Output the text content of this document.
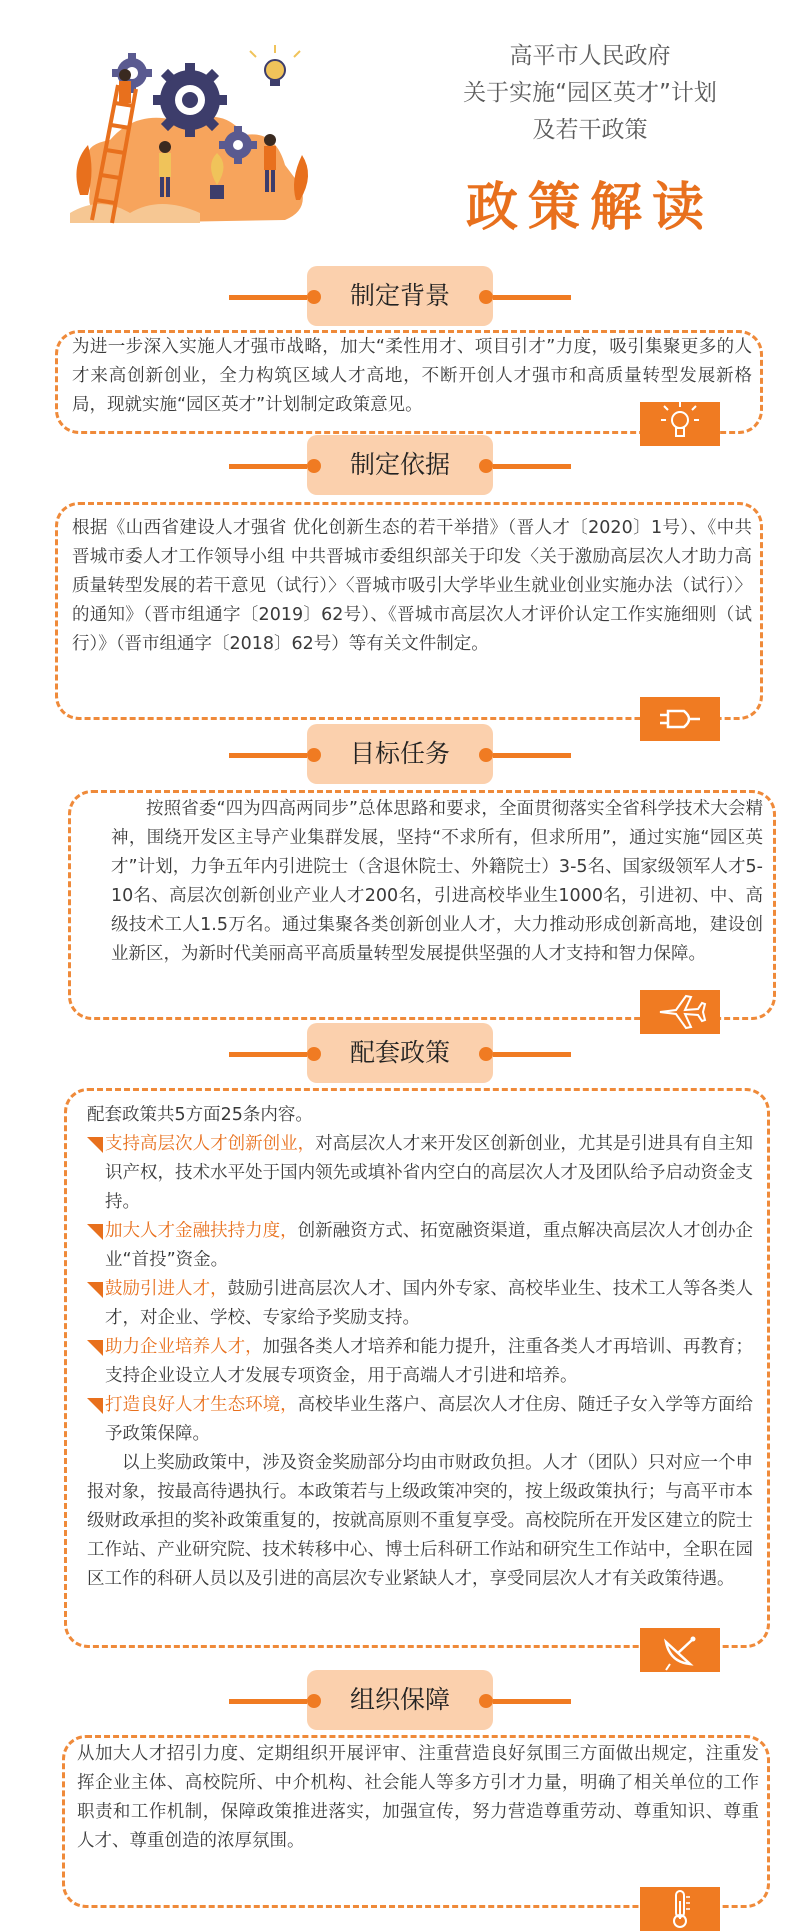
高平市人民政府
关于实施“园区英才”计划
及若干政策
政策解读
制定背景
为进一步深入实施人才强市战略，加大“柔性用才、项目引才”力度，吸引集聚更多的人才来高创新创业，全力构筑区域人才高地，不断开创人才强市和高质量转型发展新格局，现就实施“园区英才”计划制定政策意见。
制定依据
根据《山西省建设人才强省 优化创新生态的若干举措》（晋人才〔2020〕1号）、《中共晋城市委人才工作领导小组 中共晋城市委组织部关于印发〈关于激励高层次人才助力高质量转型发展的若干意见（试行）〉〈晋城市吸引大学毕业生就业创业实施办法（试行）〉的通知》（晋市组通字〔2019〕62号）、《晋城市高层次人才评价认定工作实施细则（试行）》（晋市组通字〔2018〕62号）等有关文件制定。
目标任务
按照省委“四为四高两同步”总体思路和要求，全面贯彻落实全省科学技术大会精神，围绕开发区主导产业集群发展，坚持“不求所有，但求所用”，通过实施“园区英才”计划，力争五年内引进院士（含退休院士、外籍院士）3-5名、国家级领军人才5-10名、高层次创新创业产业人才200名，引进高校毕业生1000名，引进初、中、高级技术工人1.5万名。通过集聚各类创新创业人才，大力推动形成创新高地，建设创业新区，为新时代美丽高平高质量转型发展提供坚强的人才支持和智力保障。
配套政策
配套政策共5方面25条内容。
支持高层次人才创新创业，对高层次人才来开发区创新创业，尤其是引进具有自主知识产权，技术水平处于国内领先或填补省内空白的高层次人才及团队给予启动资金支持。
加大人才金融扶持力度，创新融资方式、拓宽融资渠道，重点解决高层次人才创办企业“首投”资金。
鼓励引进人才，鼓励引进高层次人才、国内外专家、高校毕业生、技术工人等各类人才，对企业、学校、专家给予奖励支持。
助力企业培养人才，加强各类人才培养和能力提升，注重各类人才再培训、再教育；支持企业设立人才发展专项资金，用于高端人才引进和培养。
打造良好人才生态环境，高校毕业生落户、高层次人才住房、随迁子女入学等方面给予政策保障。
以上奖励政策中，涉及资金奖励部分均由市财政负担。人才（团队）只对应一个申报对象，按最高待遇执行。本政策若与上级政策冲突的，按上级政策执行；与高平市本级财政承担的奖补政策重复的，按就高原则不重复享受。高校院所在开发区建立的院士工作站、产业研究院、技术转移中心、博士后科研工作站和研究生工作站中，全职在园区工作的科研人员以及引进的高层次专业紧缺人才，享受同层次人才有关政策待遇。
组织保障
从加大人才招引力度、定期组织开展评审、注重营造良好氛围三方面做出规定，注重发挥企业主体、高校院所、中介机构、社会能人等多方引才力量，明确了相关单位的工作职责和工作机制，保障政策推进落实，加强宣传，努力营造尊重劳动、尊重知识、尊重人才、尊重创造的浓厚氛围。
